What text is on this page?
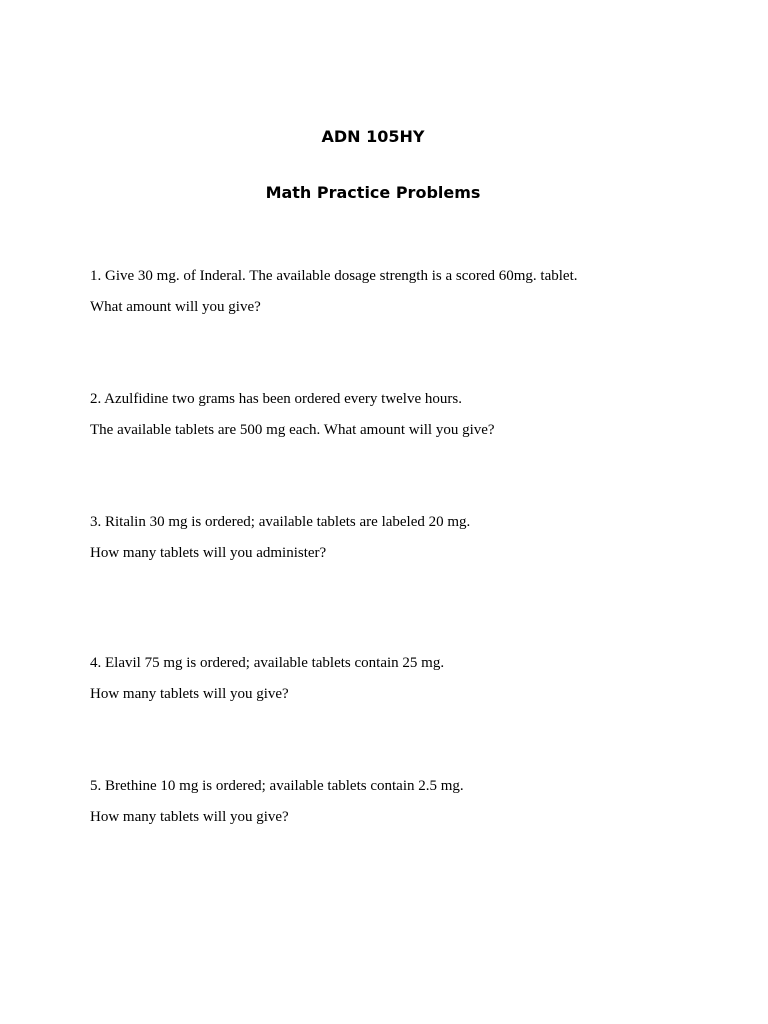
ADN 105HY
Math Practice Problems

1. Give 30 mg. of Inderal. The available dosage strength is a scored 60mg. tablet.

What amount will you give?

2. Azulfidine two grams has been ordered every twelve hours.

The available tablets are 500 mg each. What amount will you give?

3. Ritalin 30 mg is ordered; available tablets are labeled 20 mg.

How many tablets will you administer?

4. Elavil 75 mg is ordered; available tablets contain 25 mg.

How many tablets will you give?

5. Brethine 10 mg is ordered; available tablets contain 2.5 mg.

How many tablets will you give?
